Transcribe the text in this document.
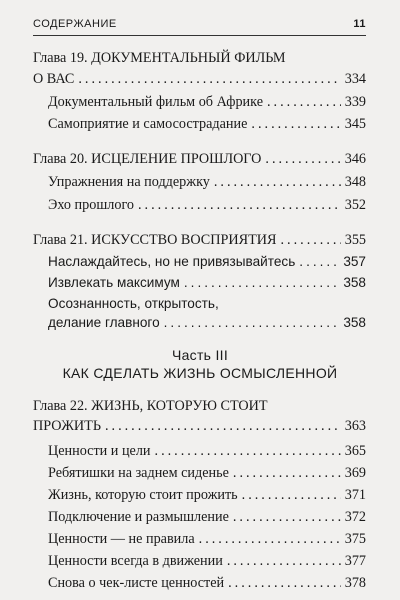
СОДЕРЖАНИЕ	11
Глава 19. ДОКУМЕНТАЛЬНЫЙ ФИЛЬМ
О ВАС .....	334
Документальный фильм об Африке .....	339
Самоприятие и самосострадание .....	345
Глава 20. ИСЦЕЛЕНИЕ ПРОШЛОГО .....	346
Упражнения на поддержку .....	348
Эхо прошлого .....	352
Глава 21. ИСКУССТВО ВОСПРИЯТИЯ .....	355
Наслаждайтесь, но не привязывайтесь .....	357
Извлекать максимум .....	358
Осознанность, открытость,
делание главного .....	358
Часть III
КАК СДЕЛАТЬ ЖИЗНЬ ОСМЫСЛЕННОЙ
Глава 22. ЖИЗНЬ, КОТОРУЮ СТОИТ
ПРОЖИТЬ .....	363
Ценности и цели .....	365
Ребятишки на заднем сиденье .....	369
Жизнь, которую стоит прожить .....	371
Подключение и размышление .....	372
Ценности — не правила .....	375
Ценности всегда в движении .....	377
Снова о чек-листе ценностей .....	378
